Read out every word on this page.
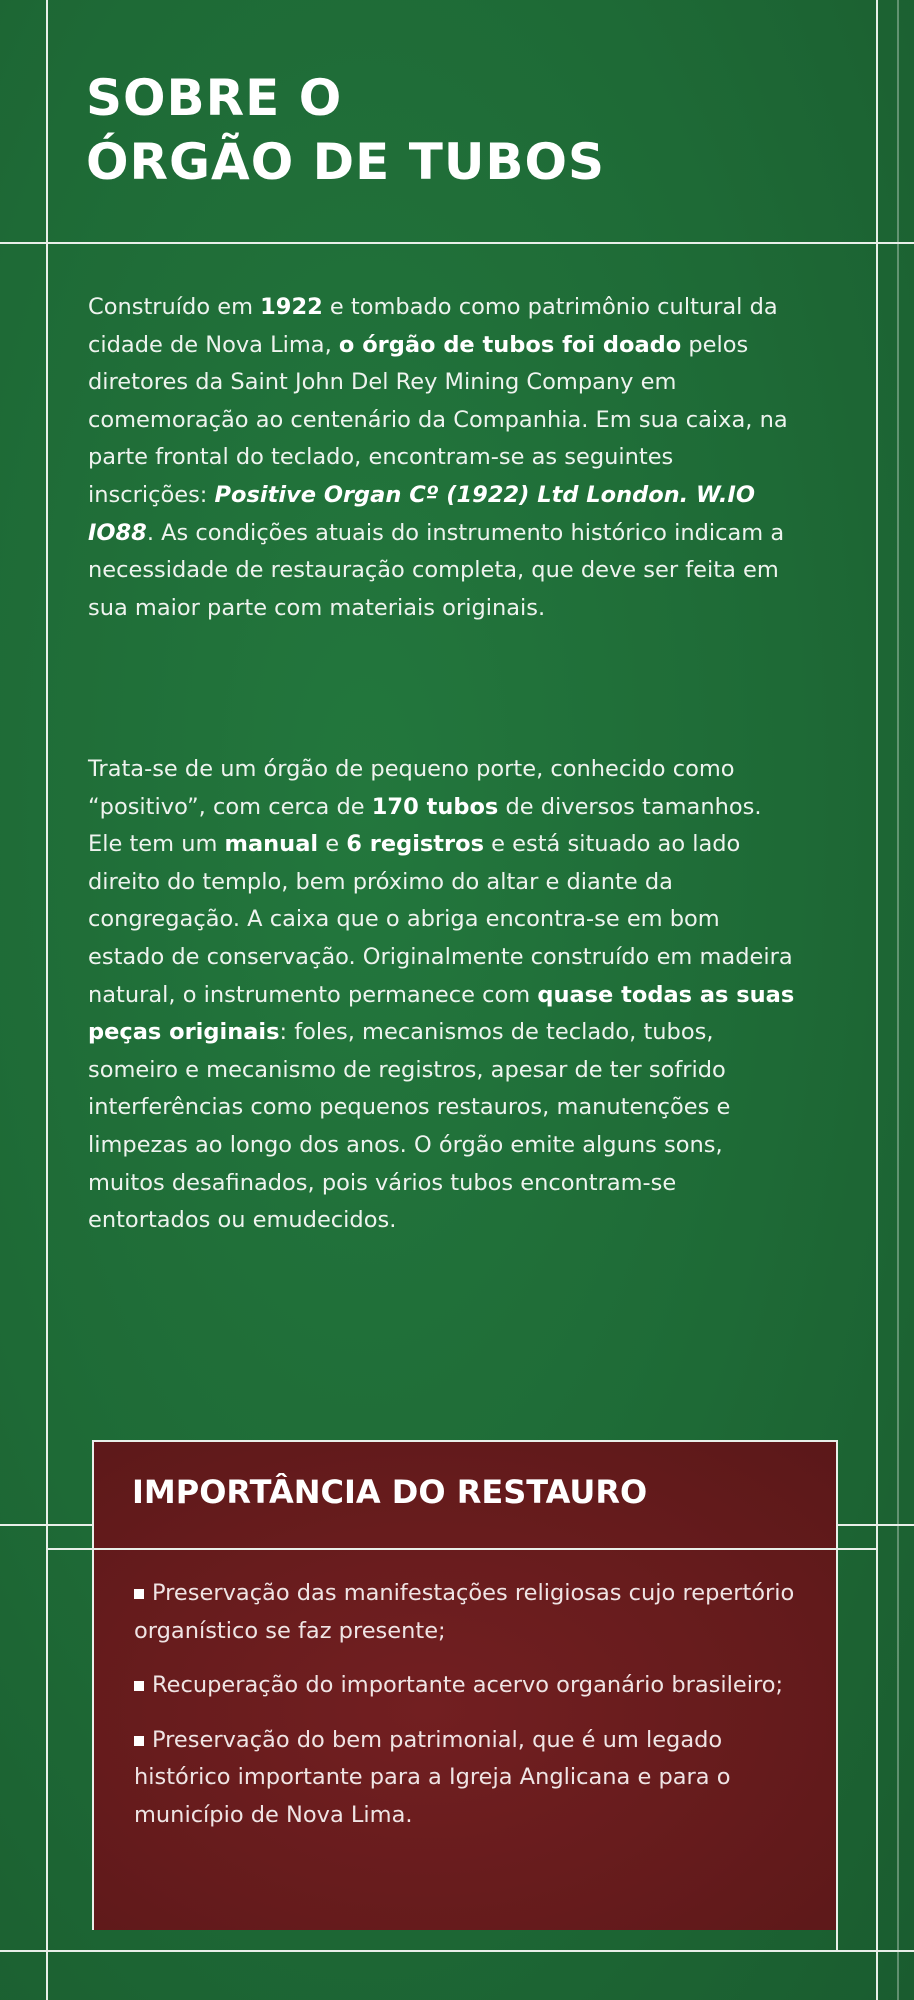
SOBRE O
ÓRGÃO DE TUBOS

Construído em 1922 e tombado como patrimônio cultural da cidade de Nova Lima, o órgão de tubos foi doado pelos diretores da Saint John Del Rey Mining Company em comemoração ao centenário da Companhia. Em sua caixa, na parte frontal do teclado, encontram-se as seguintes inscrições: Positive Organ Cº (1922) Ltd London. W.IO IO88. As condições atuais do instrumento histórico indicam a necessidade de restauração completa, que deve ser feita em sua maior parte com materiais originais.

Trata-se de um órgão de pequeno porte, conhecido como “positivo”, com cerca de 170 tubos de diversos tamanhos. Ele tem um manual e 6 registros e está situado ao lado direito do templo, bem próximo do altar e diante da congregação. A caixa que o abriga encontra-se em bom estado de conservação. Originalmente construído em madeira natural, o instrumento permanece com quase todas as suas peças originais: foles, mecanismos de teclado, tubos, someiro e mecanismo de registros, apesar de ter sofrido interferências como pequenos restauros, manutenções e limpezas ao longo dos anos. O órgão emite alguns sons, muitos desafinados, pois vários tubos encontram-se entortados ou emudecidos.

IMPORTÂNCIA DO RESTAURO
Preservação das manifestações religiosas cujo repertório organístico se faz presente;
Recuperação do importante acervo organário brasileiro;
Preservação do bem patrimonial, que é um legado histórico importante para a Igreja Anglicana e para o município de Nova Lima.
